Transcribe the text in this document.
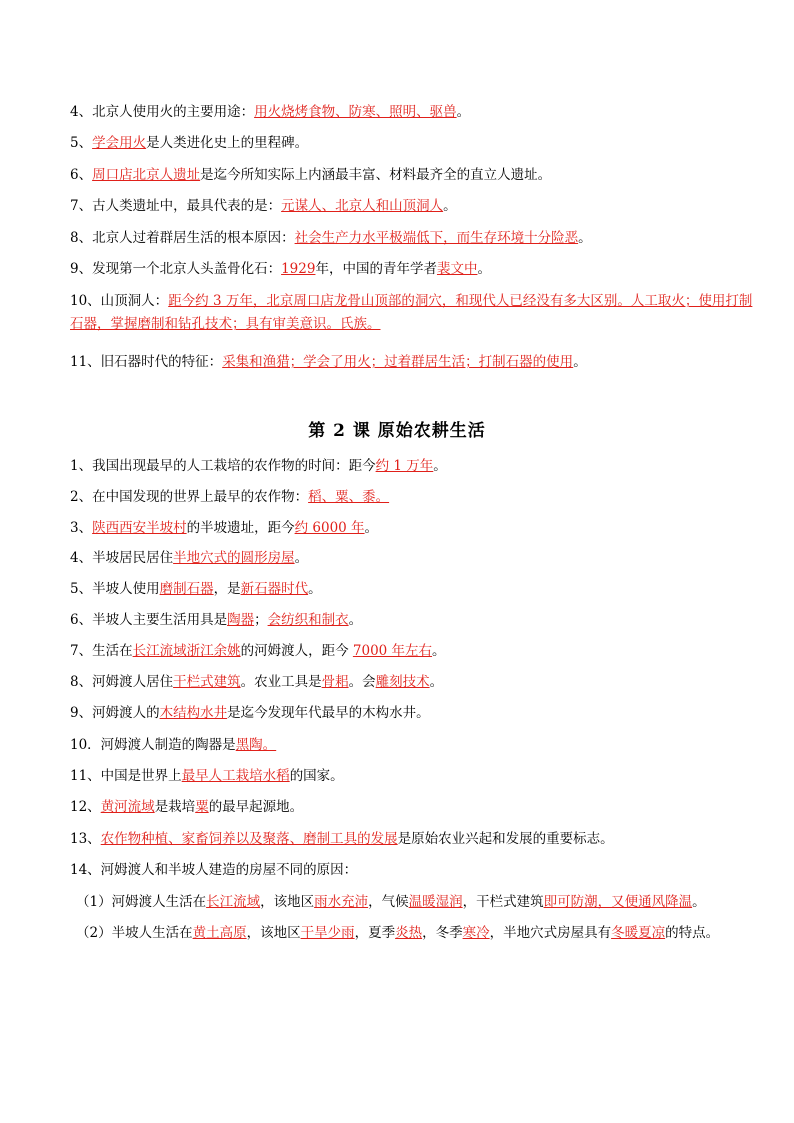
4、北京人使用火的主要用途：用火烧烤食物、防寒、照明、驱兽。
5、学会用火是人类进化史上的里程碑。
6、周口店北京人遗址是迄今所知实际上内涵最丰富、材料最齐全的直立人遗址。
7、古人类遗址中，最具代表的是：元谋人、北京人和山顶洞人。
8、北京人过着群居生活的根本原因：社会生产力水平极端低下，而生存环境十分险恶。
9、发现第一个北京人头盖骨化石：1929年，中国的青年学者裴文中。
10、山顶洞人：距今约 3 万年，北京周口店龙骨山顶部的洞穴，和现代人已经没有多大区别。人工取火；使用打制石器，掌握磨制和钻孔技术；具有审美意识。氏族。
11、旧石器时代的特征：采集和渔猎；学会了用火；过着群居生活；打制石器的使用。
第 2 课 原始农耕生活
1、我国出现最早的人工栽培的农作物的时间：距今约 1 万年。
2、在中国发现的世界上最早的农作物：稻、粟、黍。
3、陕西西安半坡村的半坡遗址，距今约 6000 年。
4、半坡居民居住半地穴式的圆形房屋。
5、半坡人使用磨制石器，是新石器时代。
6、半坡人主要生活用具是陶器；会纺织和制衣。
7、生活在长江流域浙江余姚的河姆渡人，距今 7000 年左右。
8、河姆渡人居住干栏式建筑。农业工具是骨耜。会雕刻技术。
9、河姆渡人的木结构水井是迄今发现年代最早的木构水井。
10．河姆渡人制造的陶器是黑陶。
11、中国是世界上最早人工栽培水稻的国家。
12、黄河流域是栽培粟的最早起源地。
13、农作物种植、家畜饲养以及聚落、磨制工具的发展是原始农业兴起和发展的重要标志。
14、河姆渡人和半坡人建造的房屋不同的原因：
（1）河姆渡人生活在长江流域，该地区雨水充沛，气候温暖湿润，干栏式建筑即可防潮，又便通风降温。
（2）半坡人生活在黄土高原，该地区干旱少雨，夏季炎热，冬季寒冷，半地穴式房屋具有冬暖夏凉的特点。
